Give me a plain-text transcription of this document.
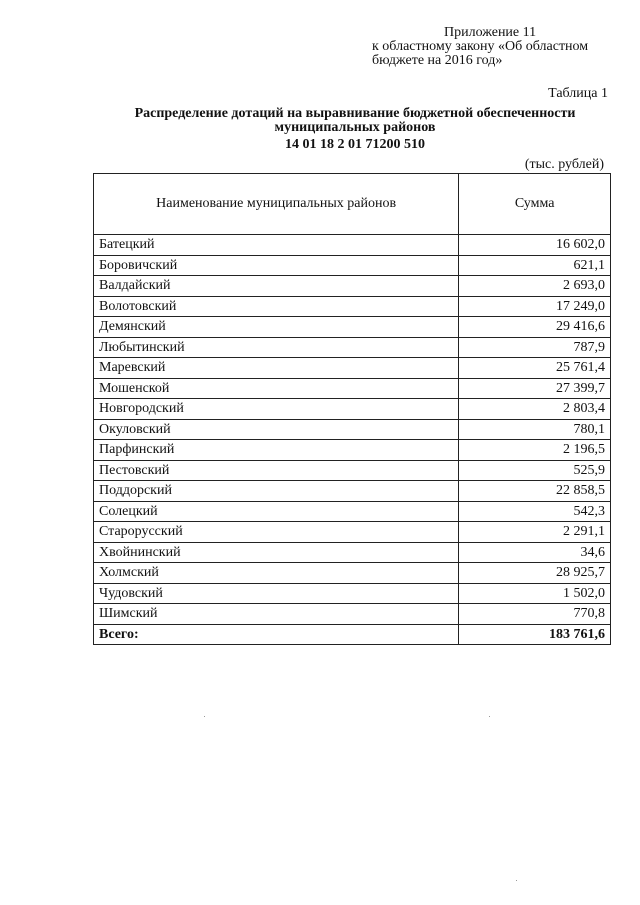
Приложение 11
к областному закону «Об областном
бюджете на 2016 год»
Таблица 1
Распределение дотаций на выравнивание бюджетной обеспеченности
муниципальных районов
14 01 18 2 01 71200 510
(тыс. рублей)
Наименование муниципальных районов	Сумма
Батецкий	16 602,0
Боровичский	621,1
Валдайский	2 693,0
Волотовский	17 249,0
Демянский	29 416,6
Любытинский	787,9
Маревский	25 761,4
Мошенской	27 399,7
Новгородский	2 803,4
Окуловский	780,1
Парфинский	2 196,5
Пестовский	525,9
Поддорский	22 858,5
Солецкий	542,3
Старорусский	2 291,1
Хвойнинский	34,6
Холмский	28 925,7
Чудовский	1 502,0
Шимский	770,8
Всего:	183 761,6
